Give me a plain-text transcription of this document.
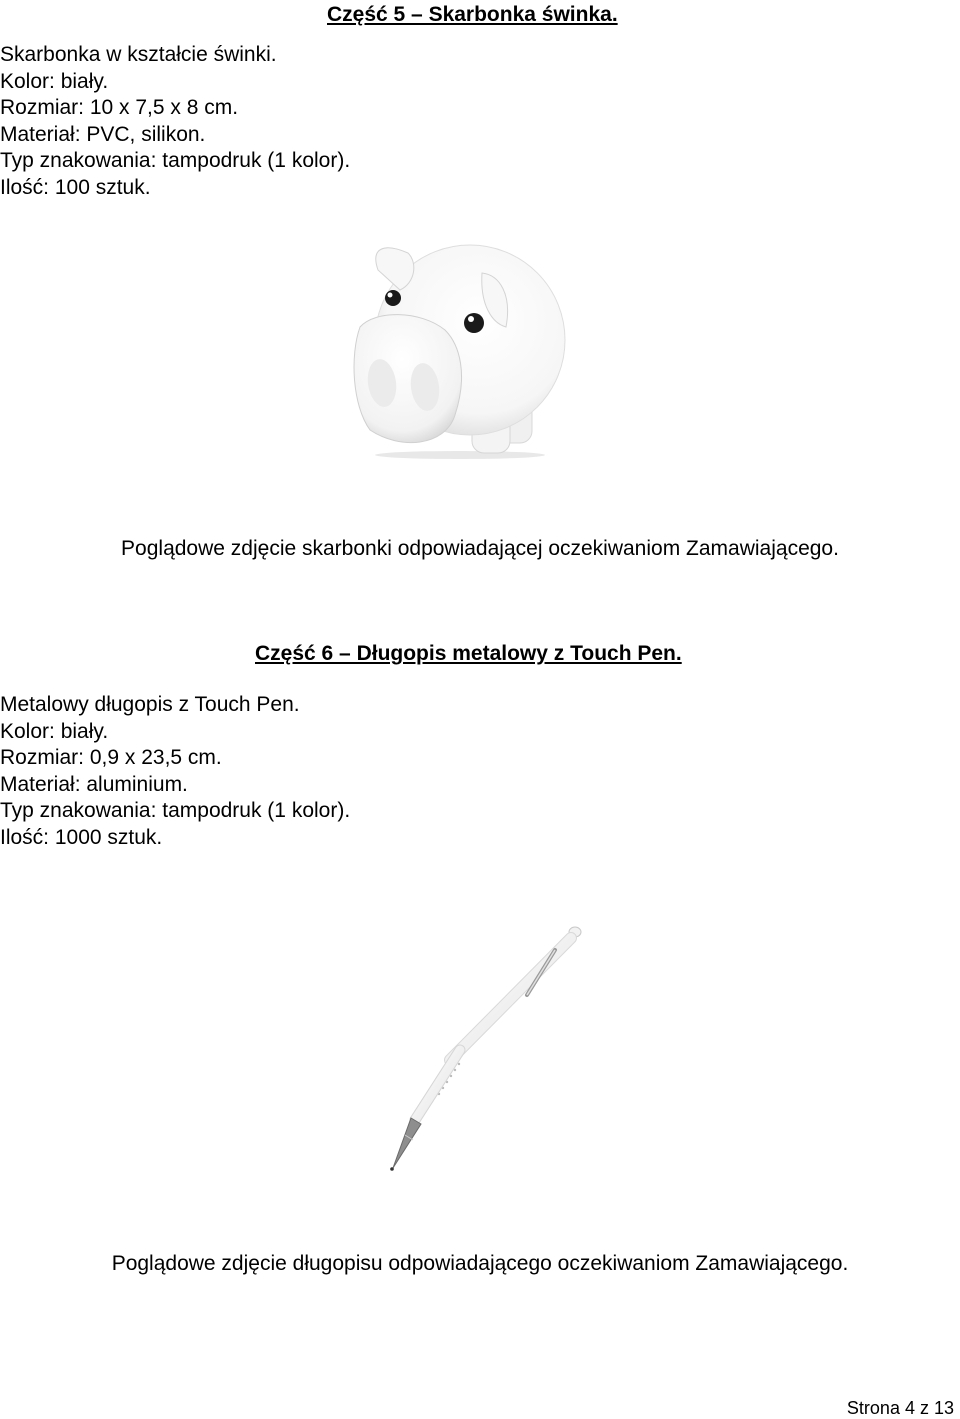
Część 5 – Skarbonka świnka.
Skarbonka w kształcie świnki.
Kolor: biały.
Rozmiar: 10 x 7,5 x 8 cm.
Materiał: PVC, silikon.
Typ znakowania: tampodruk (1 kolor).
Ilość: 100 sztuk.
Poglądowe zdjęcie skarbonki odpowiadającej oczekiwaniom Zamawiającego.
Część 6 – Długopis metalowy z Touch Pen.
Metalowy długopis z Touch Pen.
Kolor: biały.
Rozmiar: 0,9 x 23,5 cm.
Materiał: aluminium.
Typ znakowania: tampodruk (1 kolor).
Ilość: 1000 sztuk.
Poglądowe zdjęcie długopisu odpowiadającego oczekiwaniom Zamawiającego.
Strona 4 z 13
